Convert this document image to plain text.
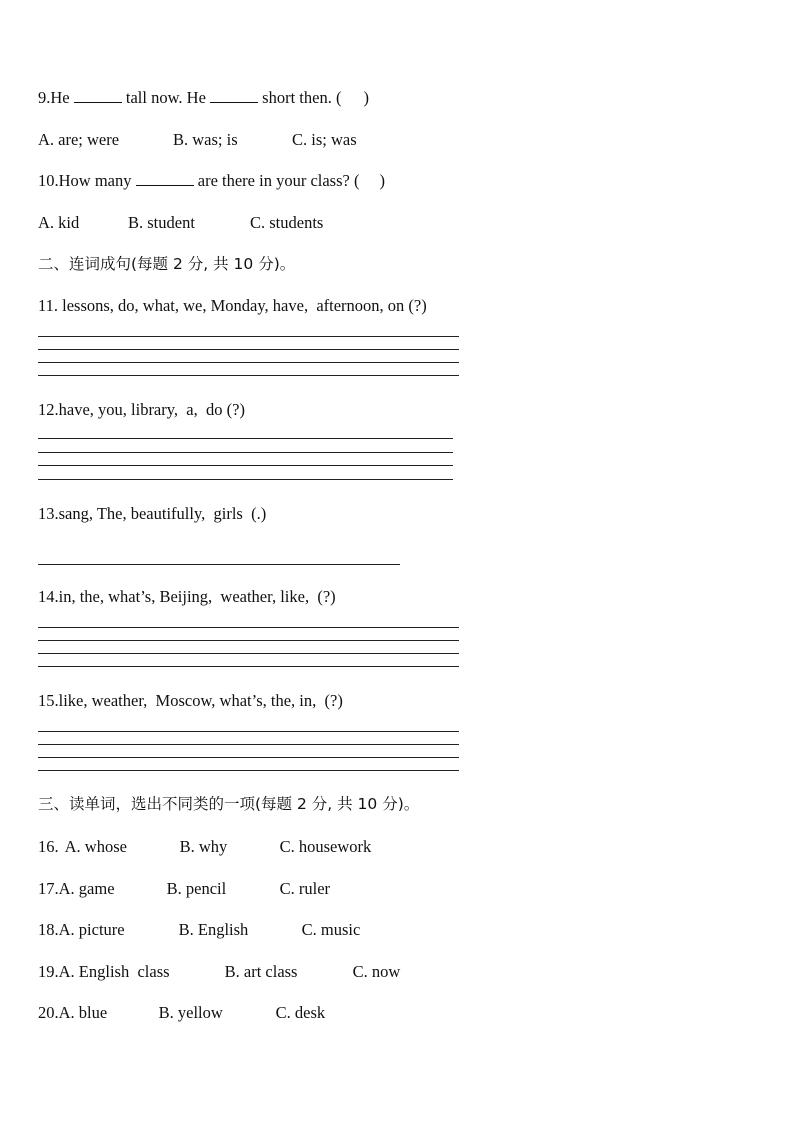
9.He	tall now. He	short then. ( )
A. are; were	B. was; is	C. is; was
10.How many	are there in your class? ( )
A. kid	B. student	C. students
二、连词成句(每题 2 分, 共 10 分)。
11. lessons, do, what, we, Monday, have,  afternoon, on (?)
12.have, you, library,  a,  do (?)
13.sang, The, beautifully,  girls  (.)
14.in, the, what’s, Beijing,  weather, like,  (?)
15.like, weather,  Moscow, what’s, the, in,  (?)
三、读单词，选出不同类的一项(每题 2 分, 共 10 分)。
16. A. whose	B. why	C. housework
17.A. game	B. pencil	C. ruler
18.A. picture	B. English	C. music
19.A. English  class	B. art class	C. now
20.A. blue	B. yellow	C. desk
